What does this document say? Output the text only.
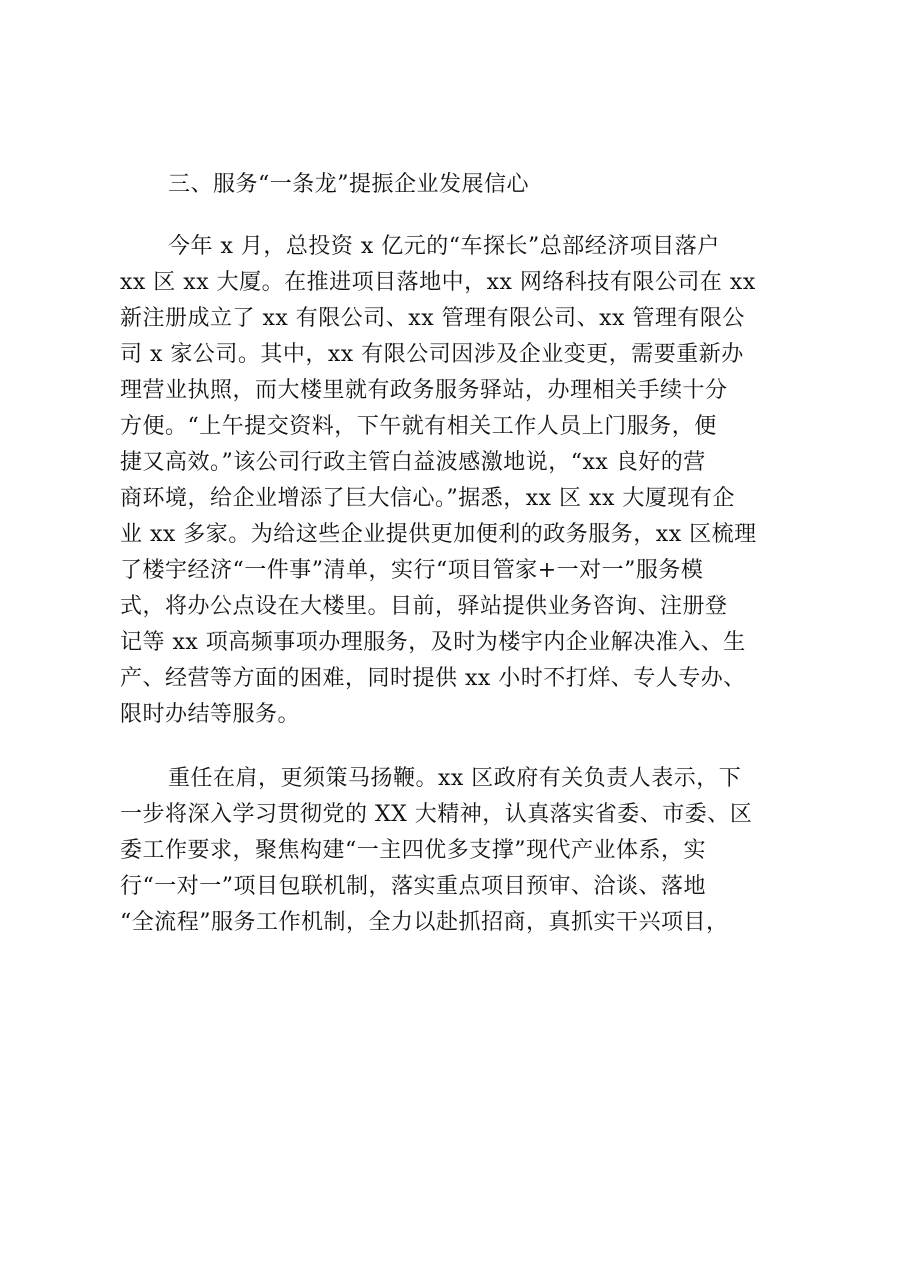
三、服务“一条龙”提振企业发展信心
今年 x 月，总投资 x 亿元的“车探长”总部经济项目落户
xx 区 xx 大厦。在推进项目落地中，xx 网络科技有限公司在 xx
新注册成立了 xx 有限公司、xx 管理有限公司、xx 管理有限公
司 x 家公司。其中，xx 有限公司因涉及企业变更，需要重新办
理营业执照，而大楼里就有政务服务驿站，办理相关手续十分
方便。“上午提交资料，下午就有相关工作人员上门服务，便
捷又高效。”该公司行政主管白益波感激地说，“xx 良好的营
商环境，给企业增添了巨大信心。”据悉，xx 区 xx 大厦现有企
业 xx 多家。为给这些企业提供更加便利的政务服务，xx 区梳理
了楼宇经济“一件事”清单，实行“项目管家+一对一”服务模
式，将办公点设在大楼里。目前，驿站提供业务咨询、注册登
记等 xx 项高频事项办理服务，及时为楼宇内企业解决准入、生
产、经营等方面的困难，同时提供 xx 小时不打烊、专人专办、
限时办结等服务。
重任在肩，更须策马扬鞭。xx 区政府有关负责人表示，下
一步将深入学习贯彻党的 XX 大精神，认真落实省委、市委、区
委工作要求，聚焦构建“一主四优多支撑”现代产业体系，实
行“一对一”项目包联机制，落实重点项目预审、洽谈、落地
“全流程”服务工作机制，全力以赴抓招商，真抓实干兴项目，
